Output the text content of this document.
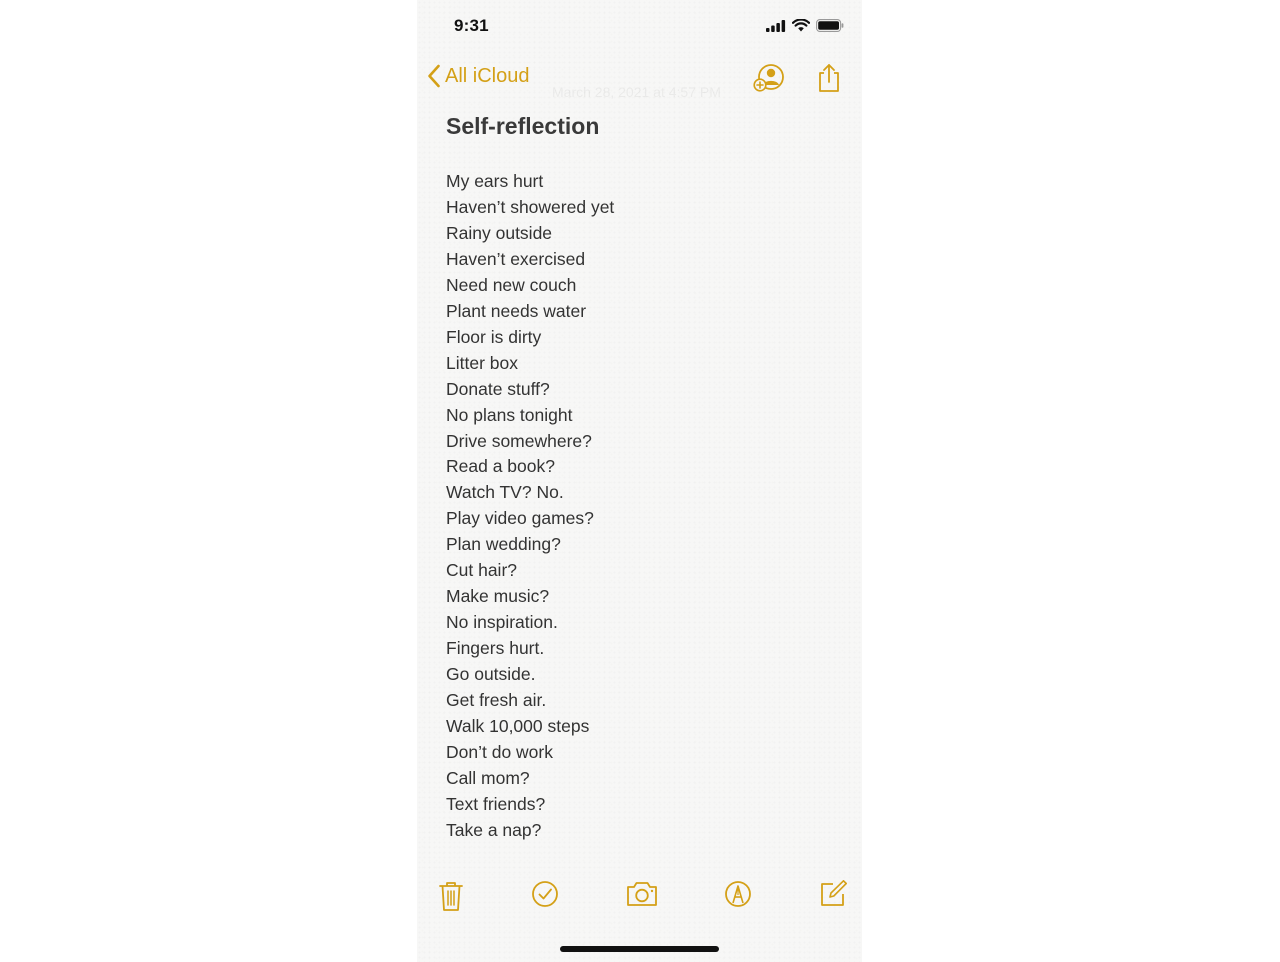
9:31
All iCloud
March 28, 2021 at 4:57 PM
Self-reflection
My ears hurt
Haven’t showered yet
Rainy outside
Haven’t exercised
Need new couch
Plant needs water
Floor is dirty
Litter box
Donate stuff?
No plans tonight
Drive somewhere?
Read a book?
Watch TV? No.
Play video games?
Plan wedding?
Cut hair?
Make music?
No inspiration.
Fingers hurt.
Go outside.
Get fresh air.
Walk 10,000 steps
Don’t do work
Call mom?
Text friends?
Take a nap?
